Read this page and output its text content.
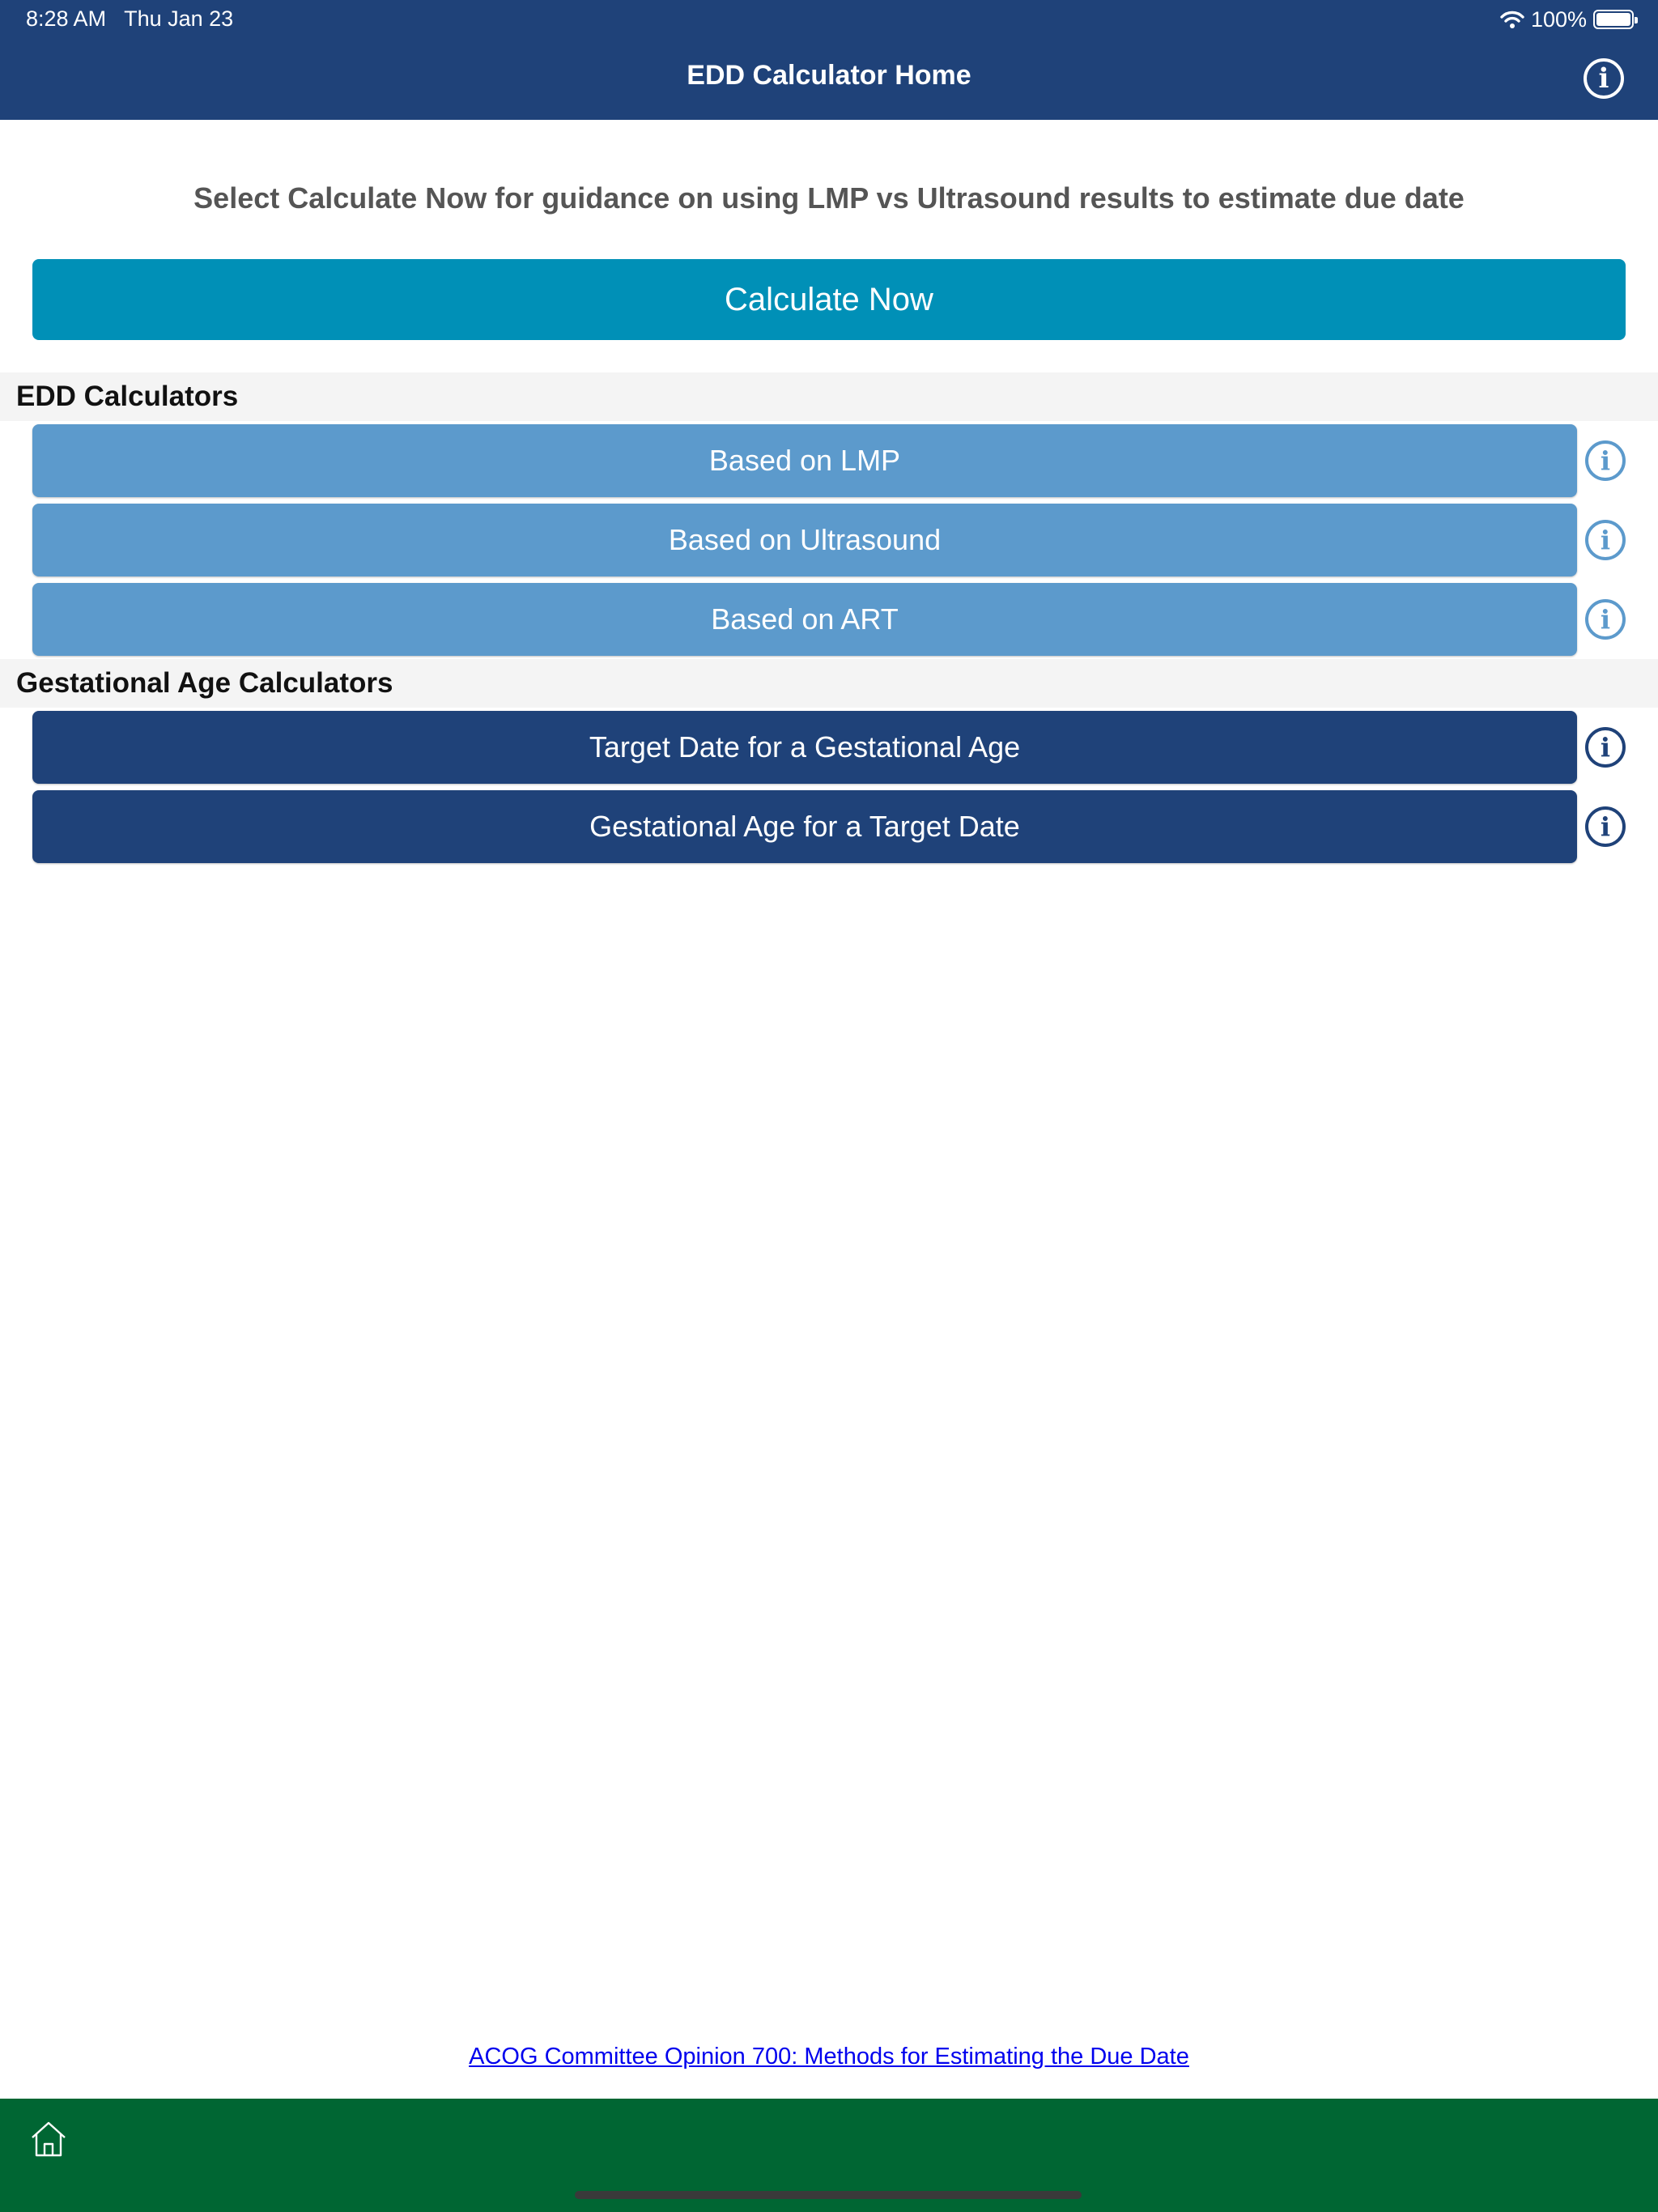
8:28 AM Thu Jan 23	100%
EDD Calculator Home	i
Select Calculate Now for guidance on using LMP vs Ultrasound results to estimate due date
Calculate Now
EDD Calculators
Based on LMP	i
Based on Ultrasound	i
Based on ART	i
Gestational Age Calculators
Target Date for a Gestational Age	i
Gestational Age for a Target Date	i
ACOG Committee Opinion 700: Methods for Estimating the Due Date
